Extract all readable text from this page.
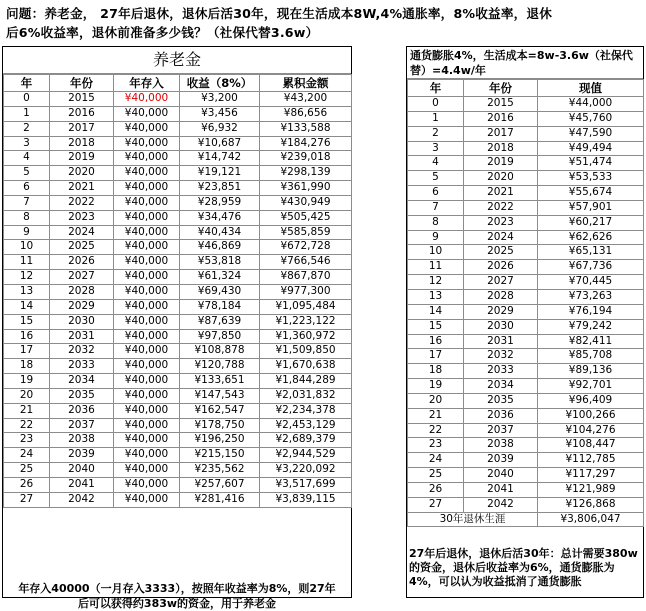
问题：养老金， 27年后退休，退休后活30年，现在生活成本8W,4%通胀率，8%收益率，退休
后6%收益率，退休前准备多少钱？（社保代替3.6w）
养老金
年	年份	年存入	收益（8%）	累积金额
0	2015	¥40,000	¥3,200	¥43,200
1	2016	¥40,000	¥3,456	¥86,656
2	2017	¥40,000	¥6,932	¥133,588
3	2018	¥40,000	¥10,687	¥184,276
4	2019	¥40,000	¥14,742	¥239,018
5	2020	¥40,000	¥19,121	¥298,139
6	2021	¥40,000	¥23,851	¥361,990
7	2022	¥40,000	¥28,959	¥430,949
8	2023	¥40,000	¥34,476	¥505,425
9	2024	¥40,000	¥40,434	¥585,859
10	2025	¥40,000	¥46,869	¥672,728
11	2026	¥40,000	¥53,818	¥766,546
12	2027	¥40,000	¥61,324	¥867,870
13	2028	¥40,000	¥69,430	¥977,300
14	2029	¥40,000	¥78,184	¥1,095,484
15	2030	¥40,000	¥87,639	¥1,223,122
16	2031	¥40,000	¥97,850	¥1,360,972
17	2032	¥40,000	¥108,878	¥1,509,850
18	2033	¥40,000	¥120,788	¥1,670,638
19	2034	¥40,000	¥133,651	¥1,844,289
20	2035	¥40,000	¥147,543	¥2,031,832
21	2036	¥40,000	¥162,547	¥2,234,378
22	2037	¥40,000	¥178,750	¥2,453,129
23	2038	¥40,000	¥196,250	¥2,689,379
24	2039	¥40,000	¥215,150	¥2,944,529
25	2040	¥40,000	¥235,562	¥3,220,092
26	2041	¥40,000	¥257,607	¥3,517,699
27	2042	¥40,000	¥281,416	¥3,839,115
年存入40000（一月存入3333），按照年收益率为8%，则27年
后可以获得约383w的资金，用于养老金
通货膨胀4%，生活成本=8w-3.6w（社保代替）=4.4w/年
年	年份	现值
0	2015	¥44,000
1	2016	¥45,760
2	2017	¥47,590
3	2018	¥49,494
4	2019	¥51,474
5	2020	¥53,533
6	2021	¥55,674
7	2022	¥57,901
8	2023	¥60,217
9	2024	¥62,626
10	2025	¥65,131
11	2026	¥67,736
12	2027	¥70,445
13	2028	¥73,263
14	2029	¥76,194
15	2030	¥79,242
16	2031	¥82,411
17	2032	¥85,708
18	2033	¥89,136
19	2034	¥92,701
20	2035	¥96,409
21	2036	¥100,266
22	2037	¥104,276
23	2038	¥108,447
24	2039	¥112,785
25	2040	¥117,297
26	2041	¥121,989
27	2042	¥126,868
30年退休生涯		¥3,806,047
27年后退休，退休后活30年：总计需要380w的资金，退休后收益率为6%，通货膨胀为4%，可以认为收益抵消了通货膨胀
